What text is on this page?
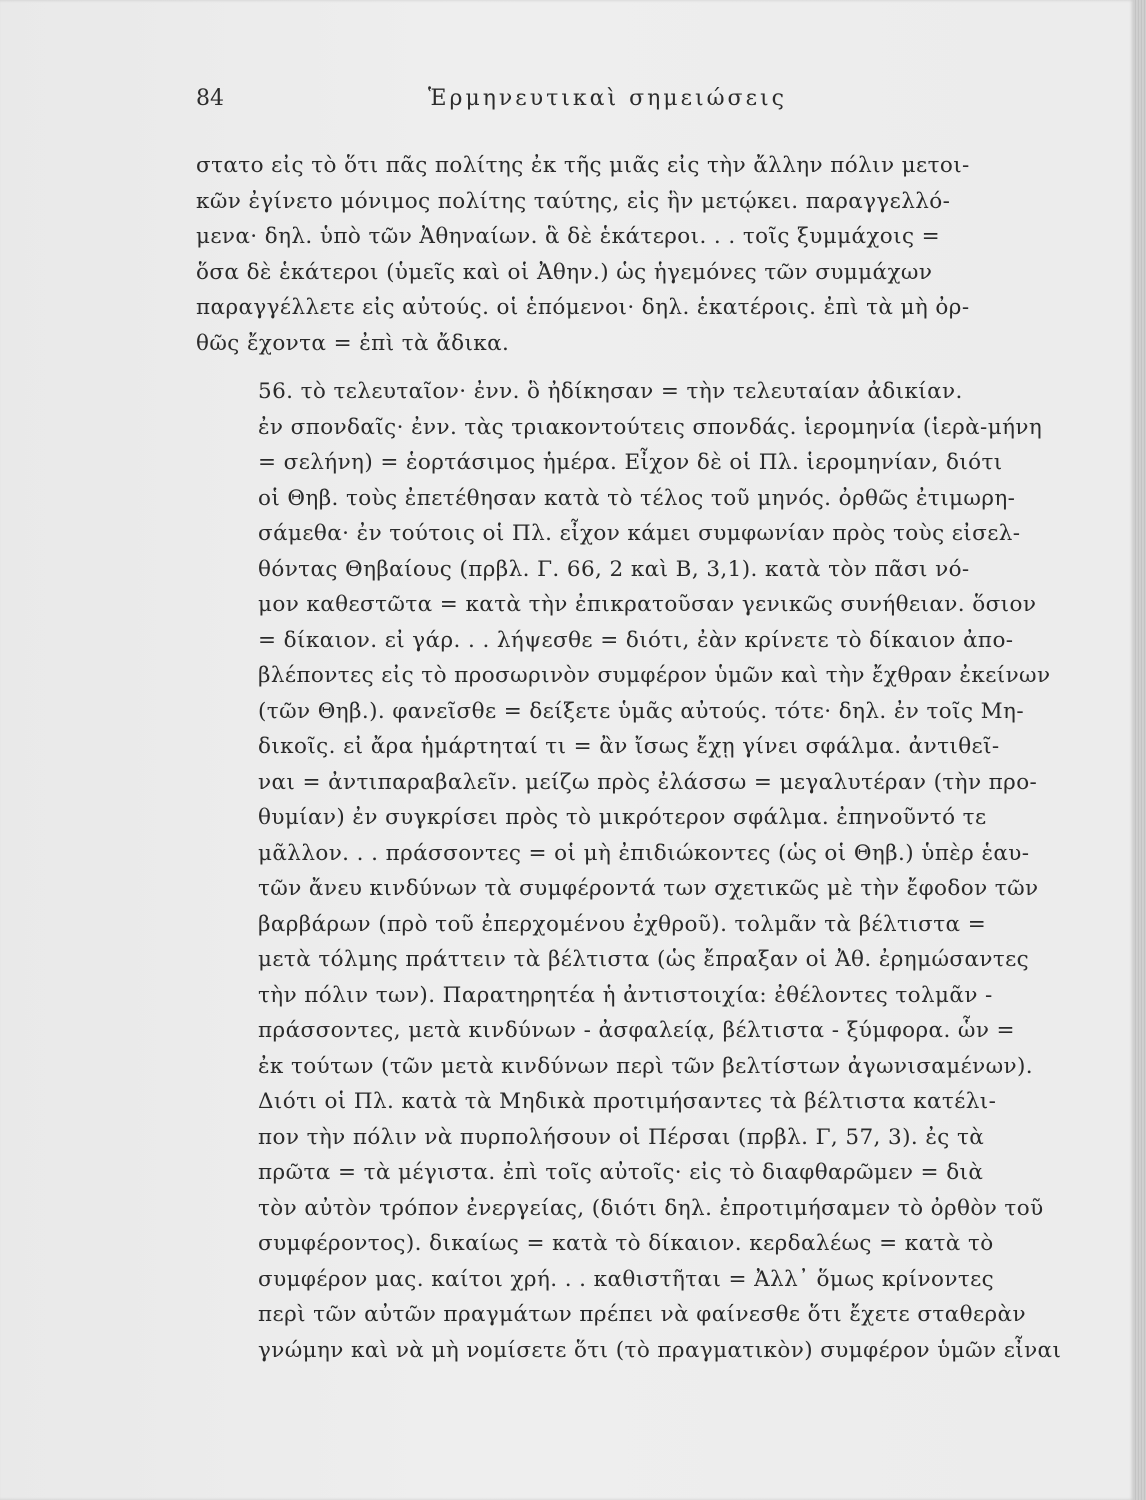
84	Ἑρμηνευτικαὶ σημειώσεις
στατο εἰς τὸ ὅτι πᾶς πολίτης ἐκ τῆς μιᾶς εἰς τὴν ἄλλην πόλιν μετοι-
κῶν ἐγίνετο μόνιμος πολίτης ταύτης, εἰς ἣν μετῴκει. παραγγελλό-
μενα· δηλ. ὑπὸ τῶν Ἀθηναίων. ἃ δὲ ἑκάτεροι. . . τοῖς ξυμμάχοις =
ὅσα δὲ ἑκάτεροι (ὑμεῖς καὶ οἱ Ἀθην.) ὡς ἡγεμόνες τῶν συμμάχων
παραγγέλλετε εἰς αὐτούς. οἱ ἑπόμενοι· δηλ. ἑκατέροις. ἐπὶ τὰ μὴ ὀρ-
θῶς ἔχοντα = ἐπὶ τὰ ἄδικα.
56. τὸ τελευταῖον· ἐνν. ὃ ἠδίκησαν = τὴν τελευταίαν ἀδικίαν.
ἐν σπονδαῖς· ἐνν. τὰς τριακοντούτεις σπονδάς. ἱερομηνία (ἱερὰ-μήνη
= σελήνη) = ἑορτάσιμος ἡμέρα. Εἶχον δὲ οἱ Πλ. ἱερομηνίαν, διότι
οἱ Θηβ. τοὺς ἐπετέθησαν κατὰ τὸ τέλος τοῦ μηνός. ὀρθῶς ἐτιμωρη-
σάμεθα· ἐν τούτοις οἱ Πλ. εἶχον κάμει συμφωνίαν πρὸς τοὺς εἰσελ-
θόντας Θηβαίους (πρβλ. Γ. 66, 2 καὶ Β, 3,1). κατὰ τὸν πᾶσι νό-
μον καθεστῶτα = κατὰ τὴν ἐπικρατοῦσαν γενικῶς συνήθειαν. ὅσιον
= δίκαιον. εἰ γάρ. . . λήψεσθε = διότι, ἐὰν κρίνετε τὸ δίκαιον ἀπο-
βλέποντες εἰς τὸ προσωρινὸν συμφέρον ὑμῶν καὶ τὴν ἔχθραν ἐκείνων
(τῶν Θηβ.). φανεῖσθε = δείξετε ὑμᾶς αὐτούς. τότε· δηλ. ἐν τοῖς Μη-
δικοῖς. εἰ ἄρα ἡμάρτηταί τι = ἂν ἴσως ἔχῃ γίνει σφάλμα. ἀντιθεῖ-
ναι = ἀντιπαραβαλεῖν. μείζω πρὸς ἐλάσσω = μεγαλυτέραν (τὴν προ-
θυμίαν) ἐν συγκρίσει πρὸς τὸ μικρότερον σφάλμα. ἐπηνοῦντό τε
μᾶλλον. . . πράσσοντες = οἱ μὴ ἐπιδιώκοντες (ὡς οἱ Θηβ.) ὑπὲρ ἑαυ-
τῶν ἄνευ κινδύνων τὰ συμφέροντά των σχετικῶς μὲ τὴν ἔφοδον τῶν
βαρβάρων (πρὸ τοῦ ἐπερχομένου ἐχθροῦ). τολμᾶν τὰ βέλτιστα =
μετὰ τόλμης πράττειν τὰ βέλτιστα (ὡς ἔπραξαν οἱ Ἀθ. ἐρημώσαντες
τὴν πόλιν των). Παρατηρητέα ἡ ἀντιστοιχία: ἐθέλοντες τολμᾶν -
πράσσοντες, μετὰ κινδύνων - ἀσφαλείᾳ, βέλτιστα - ξύμφορα. ὧν =
ἐκ τούτων (τῶν μετὰ κινδύνων περὶ τῶν βελτίστων ἀγωνισαμένων).
Διότι οἱ Πλ. κατὰ τὰ Μηδικὰ προτιμήσαντες τὰ βέλτιστα κατέλι-
πον τὴν πόλιν νὰ πυρπολήσουν οἱ Πέρσαι (πρβλ. Γ, 57, 3). ἐς τὰ
πρῶτα = τὰ μέγιστα. ἐπὶ τοῖς αὐτοῖς· εἰς τὸ διαφθαρῶμεν = διὰ
τὸν αὐτὸν τρόπον ἐνεργείας, (διότι δηλ. ἐπροτιμήσαμεν τὸ ὀρθὸν τοῦ
συμφέροντος). δικαίως = κατὰ τὸ δίκαιον. κερδαλέως = κατὰ τὸ
συμφέρον μας. καίτοι χρή. . . καθιστῆται = Ἀλλ᾽ ὅμως κρίνοντες
περὶ τῶν αὐτῶν πραγμάτων πρέπει νὰ φαίνεσθε ὅτι ἔχετε σταθερὰν
γνώμην καὶ νὰ μὴ νομίσετε ὅτι (τὸ πραγματικὸν) συμφέρον ὑμῶν εἶναι
